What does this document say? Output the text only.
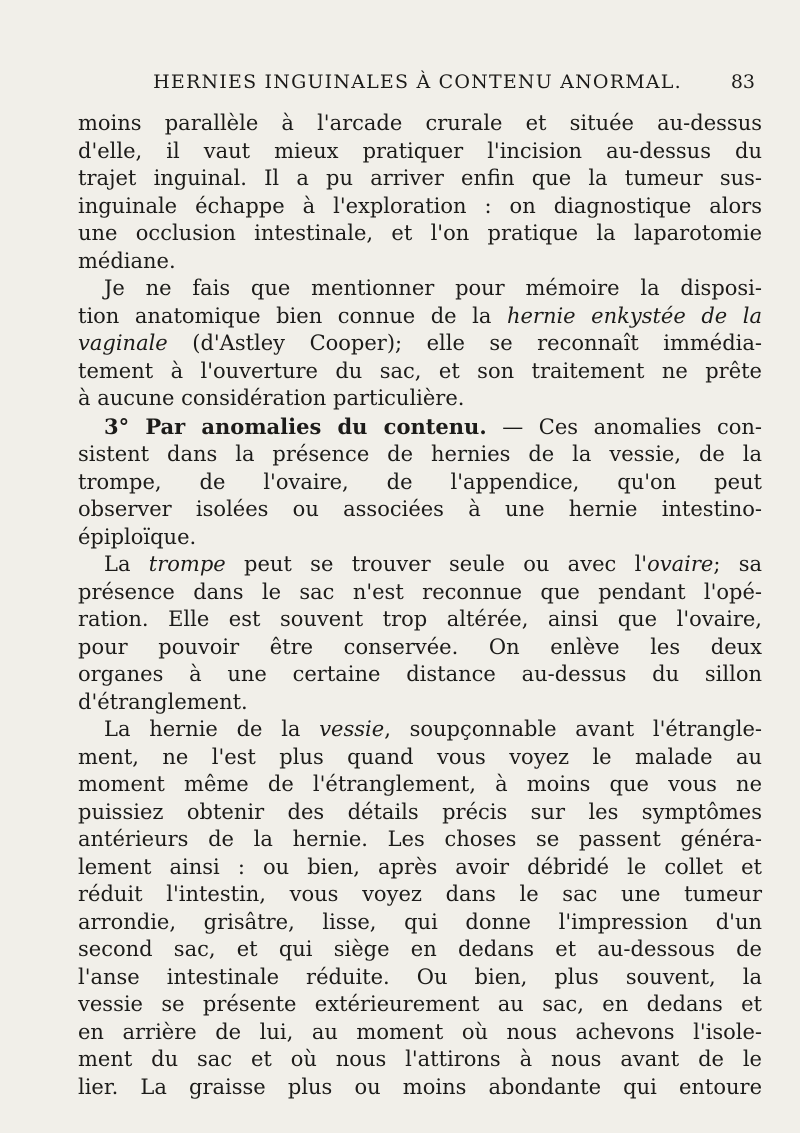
HERNIES INGUINALES À CONTENU ANORMAL.	83
moins parallèle à l'arcade crurale et située au-dessus
d'elle, il vaut mieux pratiquer l'incision au-dessus du
trajet inguinal. Il a pu arriver enfin que la tumeur sus-
inguinale échappe à l'exploration : on diagnostique alors
une occlusion intestinale, et l'on pratique la laparotomie
médiane.
Je ne fais que mentionner pour mémoire la disposi-
tion anatomique bien connue de la hernie enkystée de la
vaginale (d'Astley Cooper); elle se reconnaît immédia-
tement à l'ouverture du sac, et son traitement ne prête
à aucune considération particulière.
3° Par anomalies du contenu. — Ces anomalies con-
sistent dans la présence de hernies de la vessie, de la
trompe, de l'ovaire, de l'appendice, qu'on peut
observer isolées ou associées à une hernie intestino-
épiploïque.
La trompe peut se trouver seule ou avec l'ovaire; sa
présence dans le sac n'est reconnue que pendant l'opé-
ration. Elle est souvent trop altérée, ainsi que l'ovaire,
pour pouvoir être conservée. On enlève les deux
organes à une certaine distance au-dessus du sillon
d'étranglement.
La hernie de la vessie, soupçonnable avant l'étrangle-
ment, ne l'est plus quand vous voyez le malade au
moment même de l'étranglement, à moins que vous ne
puissiez obtenir des détails précis sur les symptômes
antérieurs de la hernie. Les choses se passent généra-
lement ainsi : ou bien, après avoir débridé le collet et
réduit l'intestin, vous voyez dans le sac une tumeur
arrondie, grisâtre, lisse, qui donne l'impression d'un
second sac, et qui siège en dedans et au-dessous de
l'anse intestinale réduite. Ou bien, plus souvent, la
vessie se présente extérieurement au sac, en dedans et
en arrière de lui, au moment où nous achevons l'isole-
ment du sac et où nous l'attirons à nous avant de le
lier. La graisse plus ou moins abondante qui entoure
